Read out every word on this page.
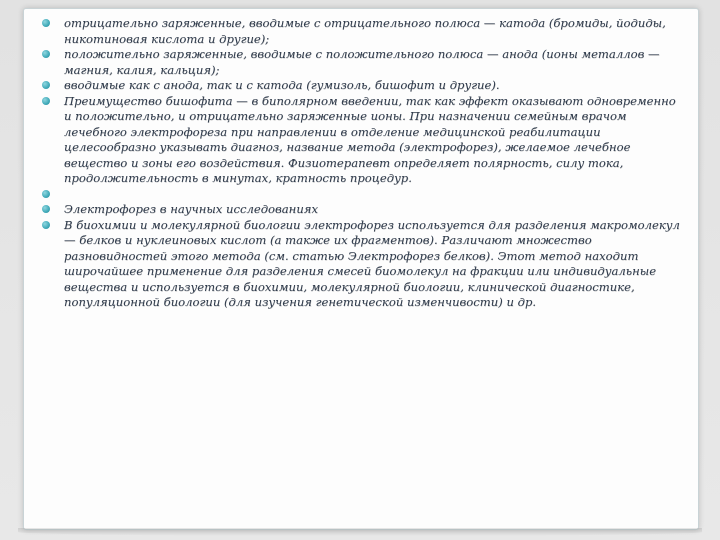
отрицательно заряженные, вводимые с отрицательного полюса — катода (бромиды, йодиды, никотиновая кислота и другие);
положительно заряженные, вводимые с положительного полюса — анода (ионы металлов — магния, калия, кальция);
вводимые как с анода, так и с катода (гумизоль, бишофит и другие).
Преимущество бишофита — в биполярном введении, так как эффект оказывают одновременно и положительно, и отрицательно заряженные ионы. При назначении семейным врачом лечебного электрофореза при направлении в отделение медицинской реабилитации целесообразно указывать диагноз, название метода (электрофорез), желаемое лечебное вещество и зоны его воздействия. Физиотерапевт определяет полярность, силу тока, продолжительность в минутах, кратность процедур.
Электрофорез в научных исследованиях
В биохимии и молекулярной биологии электрофорез используется для разделения макромолекул — белков и нуклеиновых кислот (а также их фрагментов). Различают множество разновидностей этого метода (см. статью Электрофорез белков). Этот метод находит широчайшее применение для разделения смесей биомолекул на фракции или индивидуальные вещества и используется в биохимии, молекулярной биологии, клинической диагностике, популяционной биологии (для изучения генетической изменчивости) и др.
